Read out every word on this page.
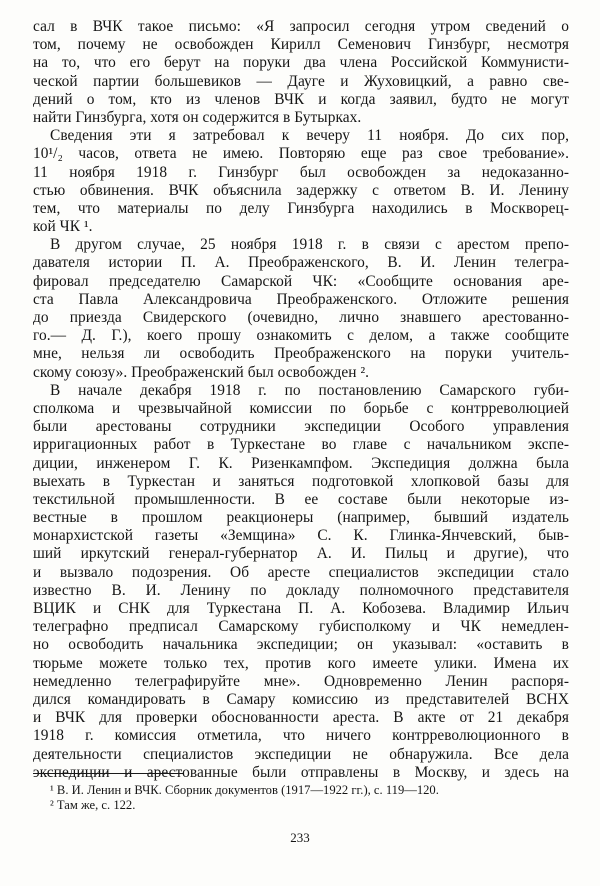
сал в ВЧК такое письмо: «Я запросил сегодня утром сведений о
том, почему не освобожден Кирилл Семенович Гинзбург, несмотря
на то, что его берут на поруки два члена Российской Коммунисти-
ческой партии большевиков — Дауге и Жуховицкий, а равно све-
дений о том, кто из членов ВЧК и когда заявил, будто не могут
найти Гинзбурга, хотя он содержится в Бутырках.
Сведения эти я затребовал к вечеру 11 ноября. До сих пор,
10¹/₂ часов, ответа не имею. Повторяю еще раз свое требование».
11 ноября 1918 г. Гинзбург был освобожден за недоказанно-
стью обвинения. ВЧК объяснила задержку с ответом В. И. Ленину
тем, что материалы по делу Гинзбурга находились в Москворец-
кой ЧК ¹.
В другом случае, 25 ноября 1918 г. в связи с арестом препо-
давателя истории П. А. Преображенского, В. И. Ленин телегра-
фировал председателю Самарской ЧК: «Сообщите основания аре-
ста Павла Александровича Преображенского. Отложите решения
до приезда Свидерского (очевидно, лично знавшего арестованно-
го.— Д. Г.), коего прошу ознакомить с делом, а также сообщите
мне, нельзя ли освободить Преображенского на поруки учитель-
скому союзу». Преображенский был освобожден ².
В начале декабря 1918 г. по постановлению Самарского губи-
сполкома и чрезвычайной комиссии по борьбе с контрреволюцией
были арестованы сотрудники экспедиции Особого управления
ирригационных работ в Туркестане во главе с начальником экспе-
диции, инженером Г. К. Ризенкампфом. Экспедиция должна была
выехать в Туркестан и заняться подготовкой хлопковой базы для
текстильной промышленности. В ее составе были некоторые из-
вестные в прошлом реакционеры (например, бывший издатель
монархистской газеты «Земщина» С. К. Глинка-Янчевский, быв-
ший иркутский генерал-губернатор А. И. Пильц и другие), что
и вызвало подозрения. Об аресте специалистов экспедиции стало
известно В. И. Ленину по докладу полномочного представителя
ВЦИК и СНК для Туркестана П. А. Кобозева. Владимир Ильич
телеграфно предписал Самарскому губисполкому и ЧК немедлен-
но освободить начальника экспедиции; он указывал: «оставить в
тюрьме можете только тех, против кого имеете улики. Имена их
немедленно телеграфируйте мне». Одновременно Ленин распоря-
дился командировать в Самару комиссию из представителей ВСНХ
и ВЧК для проверки обоснованности ареста. В акте от 21 декабря
1918 г. комиссия отметила, что ничего контрреволюционного в
деятельности специалистов экспедиции не обнаружила. Все дела
экспедиции и арестованные были отправлены в Москву, и здесь на
¹ В. И. Ленин и ВЧК. Сборник документов (1917—1922 гг.), с. 119—120.
² Там же, с. 122.
233
